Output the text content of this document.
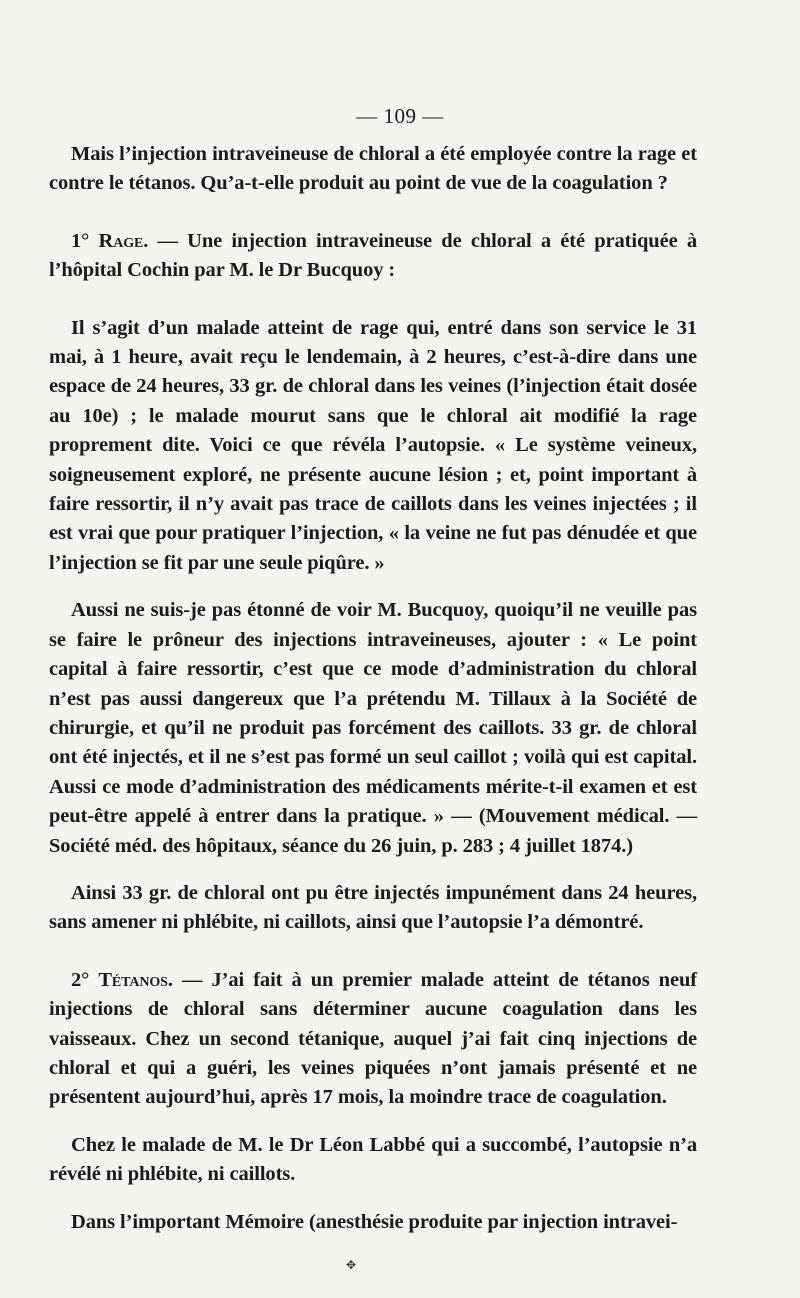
— 109 —

Mais l’injection intraveineuse de chloral a été employée contre la rage et contre le tétanos. Qu’a-t-elle produit au point de vue de la coagulation ?

1° Rage. — Une injection intraveineuse de chloral a été pratiquée à l’hôpital Cochin par M. le Dr Bucquoy :

Il s’agit d’un malade atteint de rage qui, entré dans son service le 31 mai, à 1 heure, avait reçu le lendemain, à 2 heures, c’est-à-dire dans une espace de 24 heures, 33 gr. de chloral dans les veines (l’injection était dosée au 10e) ; le malade mourut sans que le chloral ait modifié la rage proprement dite. Voici ce que révéla l’autopsie. « Le système veineux, soigneusement exploré, ne présente aucune lésion ; et, point important à faire ressortir, il n’y avait pas trace de caillots dans les veines injectées ; il est vrai que pour pratiquer l’injection, « la veine ne fut pas dénudée et que l’injection se fit par une seule piqûre. »

Aussi ne suis-je pas étonné de voir M. Bucquoy, quoiqu’il ne veuille pas se faire le prôneur des injections intraveineuses, ajouter : « Le point capital à faire ressortir, c’est que ce mode d’administration du chloral n’est pas aussi dangereux que l’a prétendu M. Tillaux à la Société de chirurgie, et qu’il ne produit pas forcément des caillots. 33 gr. de chloral ont été injectés, et il ne s’est pas formé un seul caillot ; voilà qui est capital. Aussi ce mode d’administration des médicaments mérite-t-il examen et est peut-être appelé à entrer dans la pratique. » — (Mouvement médical. — Société méd. des hôpitaux, séance du 26 juin, p. 283 ; 4 juillet 1874.)

Ainsi 33 gr. de chloral ont pu être injectés impunément dans 24 heures, sans amener ni phlébite, ni caillots, ainsi que l’autopsie l’a démontré.

2° Tétanos. — J’ai fait à un premier malade atteint de tétanos neuf injections de chloral sans déterminer aucune coagulation dans les vaisseaux. Chez un second tétanique, auquel j’ai fait cinq injections de chloral et qui a guéri, les veines piquées n’ont jamais présenté et ne présentent aujourd’hui, après 17 mois, la moindre trace de coagulation.

Chez le malade de M. le Dr Léon Labbé qui a succombé, l’autopsie n’a révélé ni phlébite, ni caillots.

Dans l’important Mémoire (anesthésie produite par injection intravei-

✥
